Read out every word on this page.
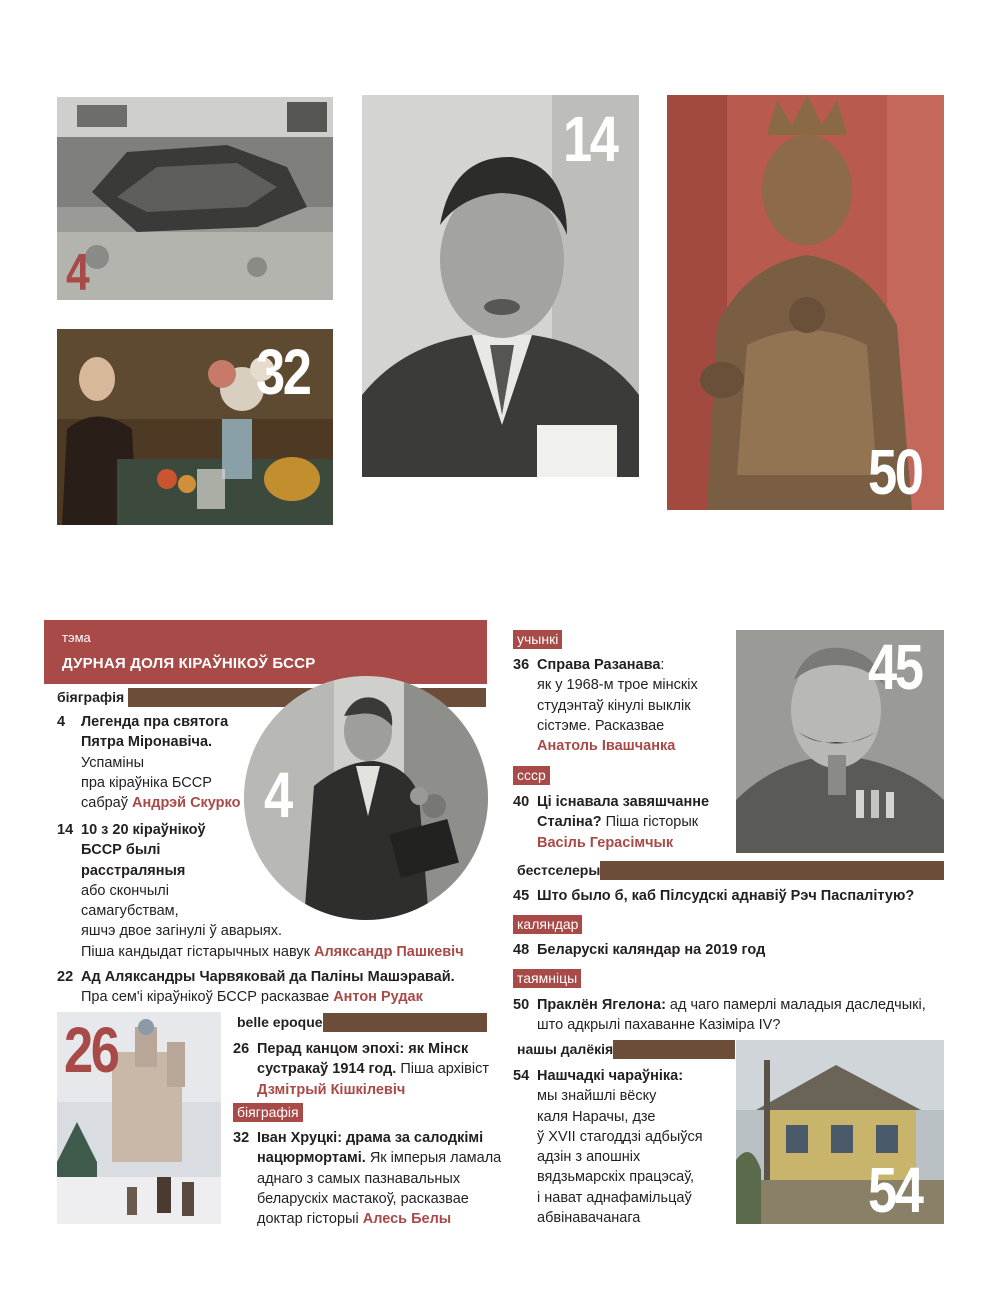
4
14
50
32
тэма
ДУРНАЯ ДОЛЯ КІРАЎНІКОЎ БССР
біяграфія
4
4 Легенда пра святога
Пятра Міронавіча.
Успаміны
пра кіраўніка БССР
сабраў Андрэй Скурко
14 10 з 20 кіраўнікоў
БССР былі
расстраляныя
або скончылі
самагубствам,
яшчэ двое загінулі ў аварыях.
Піша кандыдат гістарычных навук Аляксандр Пашкевіч
22 Ад Аляксандры Чарвяковай да Паліны Машэравай.
Пра сем'і кіраўнікоў БССР расказвае Антон Рудак
26	belle epoque
26 Перад канцом эпохі: як Мінск
сустракаў 1914 год. Піша архівіст
Дзмітрый Кішкілевіч
біяграфія
32 Іван Хруцкі: драма за салодкімі
нацюрмортамі. Як імперыя ламала
аднаго з самых пазнавальных
беларускіх мастакоў, расказвае
доктар гісторыі Алесь Белы
учынкі
36 Справа Разанава:
як у 1968-м трое мінскіх
студэнтаў кінулі выклік
сістэме. Расказвае
Анатоль Івашчанка
45
ссср
40 Ці існавала завяшчанне
Сталіна? Піша гісторык
Васіль Герасімчык
бестселеры
45 Што было б, каб Пілсудскі аднавіў Рэч Паспалітую?
каляндар
48 Беларускі каляндар на 2019 год
таямніцы
50 Праклён Ягелона: ад чаго памерлі маладыя даследчыкі,
што адкрылі пахаванне Казіміра IV?
нашы далёкія
54 Нашчадкі чараўніка:
мы знайшлі вёску
каля Нарачы, дзе
ў XVII стагоддзі адбыўся
адзін з апошніх
вядзьмарскіх працэсаў,
і нават аднафамільцаў
абвінавачанага	54
